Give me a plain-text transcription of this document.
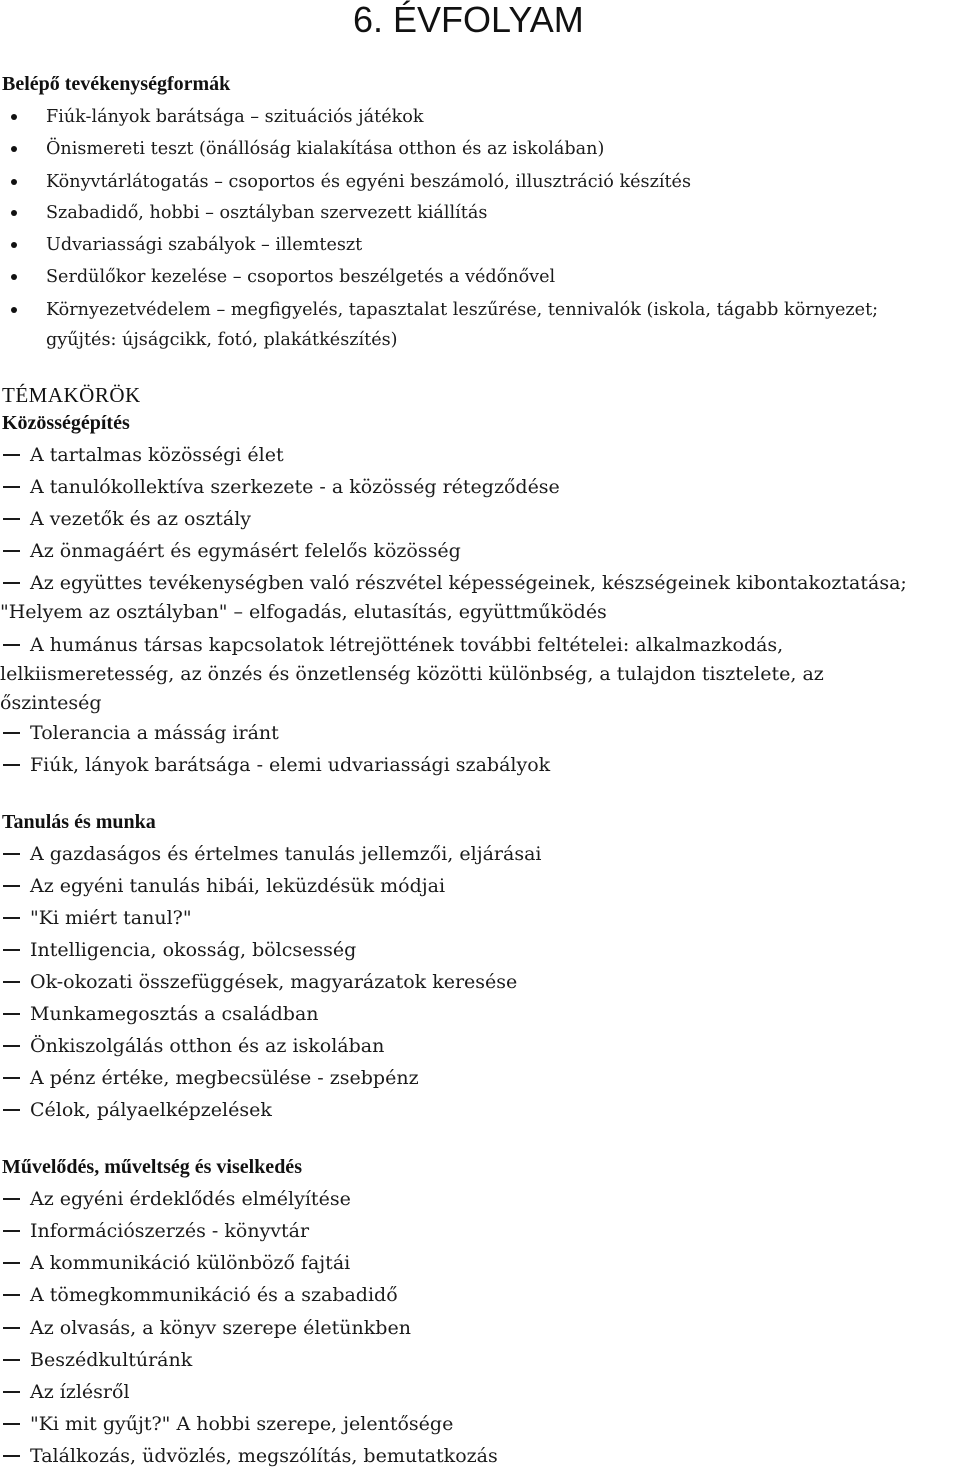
6. ÉVFOLYAM
Belépő tevékenységformák
Fiúk-lányok barátsága – szituációs játékok
Önismereti teszt (önállóság kialakítása otthon és az iskolában)
Könyvtárlátogatás – csoportos és egyéni beszámoló, illusztráció készítés
Szabadidő, hobbi – osztályban szervezett kiállítás
Udvariassági szabályok – illemteszt
Serdülőkor kezelése – csoportos beszélgetés a védőnővel
Környezetvédelem – megfigyelés, tapasztalat leszűrése, tennivalók (iskola, tágabb környezet;
gyűjtés: újságcikk, fotó, plakátkészítés)
TÉMAKÖRÖK
Közösségépítés
A tartalmas közösségi élet
A tanulókollektíva szerkezete - a közösség rétegződése
A vezetők és az osztály
Az önmagáért és egymásért felelős közösség
Az együttes tevékenységben való részvétel képességeinek, készségeinek kibontakoztatása;
"Helyem az osztályban" – elfogadás, elutasítás, együttműködés
A humánus társas kapcsolatok létrejöttének további feltételei: alkalmazkodás,
lelkiismeretesség, az önzés és önzetlenség közötti különbség, a tulajdon tisztelete, az
őszinteség
Tolerancia a másság iránt
Fiúk, lányok barátsága - elemi udvariassági szabályok
Tanulás és munka
A gazdaságos és értelmes tanulás jellemzői, eljárásai
Az egyéni tanulás hibái, leküzdésük módjai
"Ki miért tanul?"
Intelligencia, okosság, bölcsesség
Ok-okozati összefüggések, magyarázatok keresése
Munkamegosztás a családban
Önkiszolgálás otthon és az iskolában
A pénz értéke, megbecsülése - zsebpénz
Célok, pályaelképzelések
Művelődés, műveltség és viselkedés
Az egyéni érdeklődés elmélyítése
Információszerzés - könyvtár
A kommunikáció különböző fajtái
A tömegkommunikáció és a szabadidő
Az olvasás, a könyv szerepe életünkben
Beszédkultúránk
Az ízlésről
"Ki mit gyűjt?" A hobbi szerepe, jelentősége
Találkozás, üdvözlés, megszólítás, bemutatkozás
